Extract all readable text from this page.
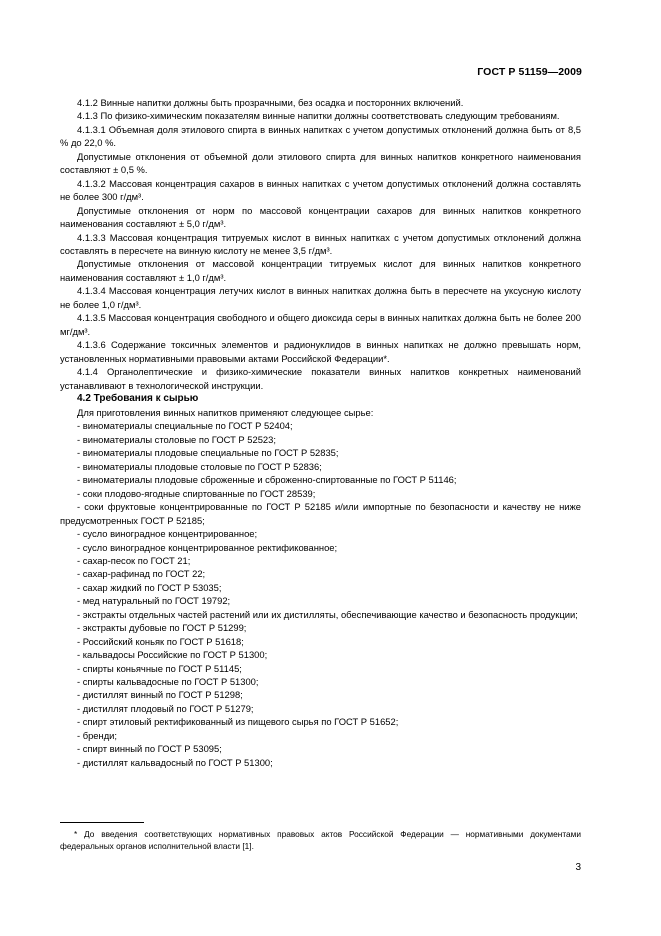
ГОСТ Р 51159—2009

4.1.2 Винные напитки должны быть прозрачными, без осадка и посторонних включений.

4.1.3 По физико-химическим показателям винные напитки должны соответствовать следующим требованиям.

4.1.3.1 Объемная доля этилового спирта в винных напитках с учетом допустимых отклонений должна быть от 8,5 % до 22,0 %.

Допустимые отклонения от объемной доли этилового спирта для винных напитков конкретного наименования составляют ± 0,5 %.

4.1.3.2 Массовая концентрация сахаров в винных напитках с учетом допустимых отклонений должна составлять не более 300 г/дм³.

Допустимые отклонения от норм по массовой концентрации сахаров для винных напитков конкретного наименования составляют ± 5,0 г/дм³.

4.1.3.3 Массовая концентрация титруемых кислот в винных напитках с учетом допустимых отклонений должна составлять в пересчете на винную кислоту не менее 3,5 г/дм³.

Допустимые отклонения от массовой концентрации титруемых кислот для винных напитков конкретного наименования составляют ± 1,0 г/дм³.

4.1.3.4 Массовая концентрация летучих кислот в винных напитках должна быть в пересчете на уксусную кислоту не более 1,0 г/дм³.

4.1.3.5 Массовая концентрация свободного и общего диоксида серы в винных напитках должна быть не более 200 мг/дм³.

4.1.3.6 Содержание токсичных элементов и радионуклидов в винных напитках не должно превышать норм, установленных нормативными правовыми актами Российской Федерации*.

4.1.4 Органолептические и физико-химические показатели винных напитков конкретных наименований устанавливают в технологической инструкции.

4.2 Требования к сырью

Для приготовления винных напитков применяют следующее сырье:

- виноматериалы специальные по ГОСТ Р 52404;
- виноматериалы столовые по ГОСТ Р 52523;
- виноматериалы плодовые специальные по ГОСТ Р 52835;
- виноматериалы плодовые столовые по ГОСТ Р 52836;
- виноматериалы плодовые сброженные и сброженно-спиртованные по ГОСТ Р 51146;
- соки плодово-ягодные спиртованные по ГОСТ 28539;
- соки фруктовые концентрированные по ГОСТ Р 52185 и/или импортные по безопасности и качеству не ниже предусмотренных ГОСТ Р 52185;
- сусло виноградное концентрированное;
- сусло виноградное концентрированное ректификованное;
- сахар-песок по ГОСТ 21;
- сахар-рафинад по ГОСТ 22;
- сахар жидкий по ГОСТ Р 53035;
- мед натуральный по ГОСТ 19792;
- экстракты отдельных частей растений или их дистилляты, обеспечивающие качество и безопасность продукции;
- экстракты дубовые по ГОСТ Р 51299;
- Российский коньяк по ГОСТ Р 51618;
- кальвадосы Российские по ГОСТ Р 51300;
- спирты коньячные по ГОСТ Р 51145;
- спирты кальвадосные по ГОСТ Р 51300;
- дистиллят винный по ГОСТ Р 51298;
- дистиллят плодовый по ГОСТ Р 51279;
- спирт этиловый ректификованный из пищевого сырья по ГОСТ Р 51652;
- бренди;
- спирт винный по ГОСТ Р 53095;
- дистиллят кальвадосный по ГОСТ Р 51300;
* До введения соответствующих нормативных правовых актов Российской Федерации — нормативными документами федеральных органов исполнительной власти [1].
3
